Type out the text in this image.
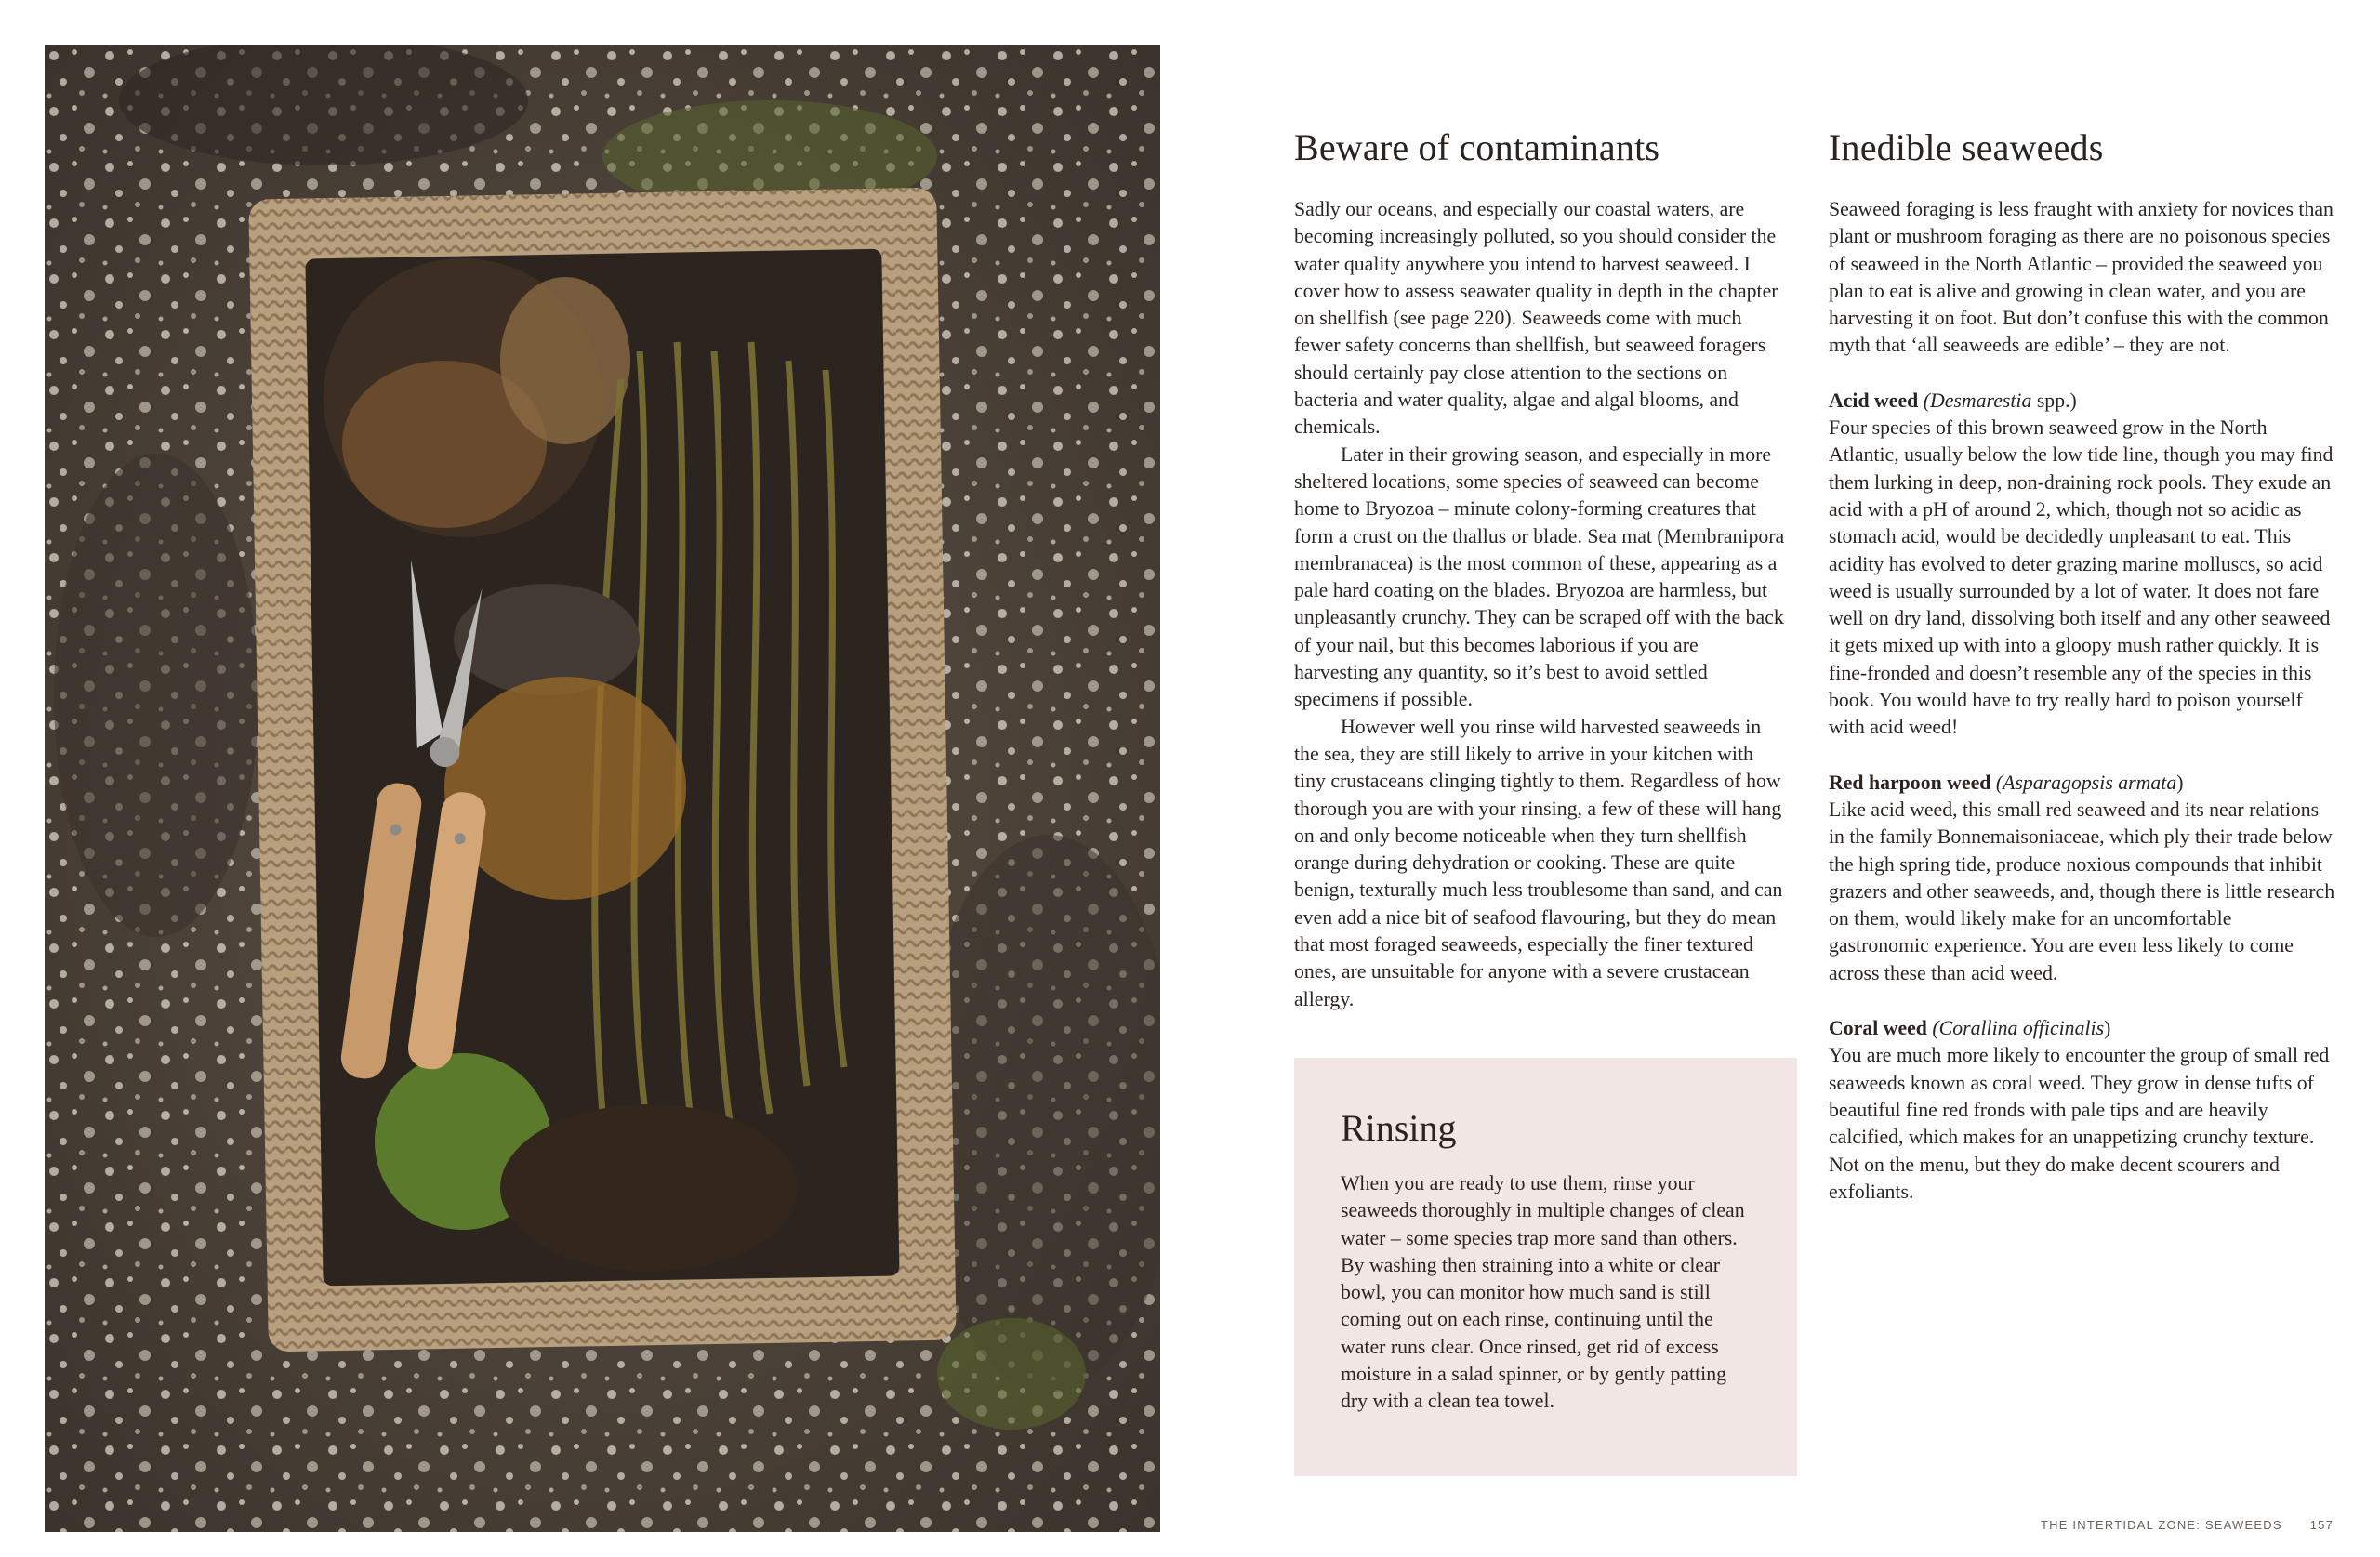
Beware of contaminants

Sadly our oceans, and especially our coastal waters, are becoming increasingly polluted, so you should consider the water quality anywhere you intend to harvest seaweed. I cover how to assess seawater quality in depth in the chapter on shellfish (see page 220). Seaweeds come with much fewer safety concerns than shellfish, but seaweed foragers should certainly pay close attention to the sections on bacteria and water quality, algae and algal blooms, and chemicals.

Later in their growing season, and especially in more sheltered locations, some species of seaweed can become home to Bryozoa – minute colony-forming creatures that form a crust on the thallus or blade. Sea mat (Membranipora membranacea) is the most common of these, appearing as a pale hard coating on the blades. Bryozoa are harmless, but unpleasantly crunchy. They can be scraped off with the back of your nail, but this becomes laborious if you are harvesting any quantity, so it’s best to avoid settled specimens if possible.

However well you rinse wild harvested seaweeds in the sea, they are still likely to arrive in your kitchen with tiny crustaceans clinging tightly to them. Regardless of how thorough you are with your rinsing, a few of these will hang on and only become noticeable when they turn shellfish orange during dehydration or cooking. These are quite benign, texturally much less troublesome than sand, and can even add a nice bit of seafood flavouring, but they do mean that most foraged seaweeds, especially the finer textured ones, are unsuitable for anyone with a severe crustacean allergy.

Rinsing

When you are ready to use them, rinse your seaweeds thoroughly in multiple changes of clean water – some species trap more sand than others. By washing then straining into a white or clear bowl, you can monitor how much sand is still coming out on each rinse, continuing until the water runs clear. Once rinsed, get rid of excess moisture in a salad spinner, or by gently patting dry with a clean tea towel.

Inedible seaweeds

Seaweed foraging is less fraught with anxiety for novices than plant or mushroom foraging as there are no poisonous species of seaweed in the North Atlantic – provided the seaweed you plan to eat is alive and growing in clean water, and you are harvesting it on foot. But don’t confuse this with the common myth that ‘all seaweeds are edible’ – they are not.

Acid weed (Desmarestia spp.)

Four species of this brown seaweed grow in the North Atlantic, usually below the low tide line, though you may find them lurking in deep, non-draining rock pools. They exude an acid with a pH of around 2, which, though not so acidic as stomach acid, would be decidedly unpleasant to eat. This acidity has evolved to deter grazing marine molluscs, so acid weed is usually surrounded by a lot of water. It does not fare well on dry land, dissolving both itself and any other seaweed it gets mixed up with into a gloopy mush rather quickly. It is fine-fronded and doesn’t resemble any of the species in this book. You would have to try really hard to poison yourself with acid weed!

Red harpoon weed (Asparagopsis armata)

Like acid weed, this small red seaweed and its near relations in the family Bonnemaisoniaceae, which ply their trade below the high spring tide, produce noxious compounds that inhibit grazers and other seaweeds, and, though there is little research on them, would likely make for an uncomfortable gastronomic experience. You are even less likely to come across these than acid weed.

Coral weed (Corallina officinalis)

You are much more likely to encounter the group of small red seaweeds known as coral weed. They grow in dense tufts of beautiful fine red fronds with pale tips and are heavily calcified, which makes for an unappetizing crunchy texture. Not on the menu, but they do make decent scourers and exfoliants.

THE INTERTIDAL ZONE: SEAWEEDS 157
